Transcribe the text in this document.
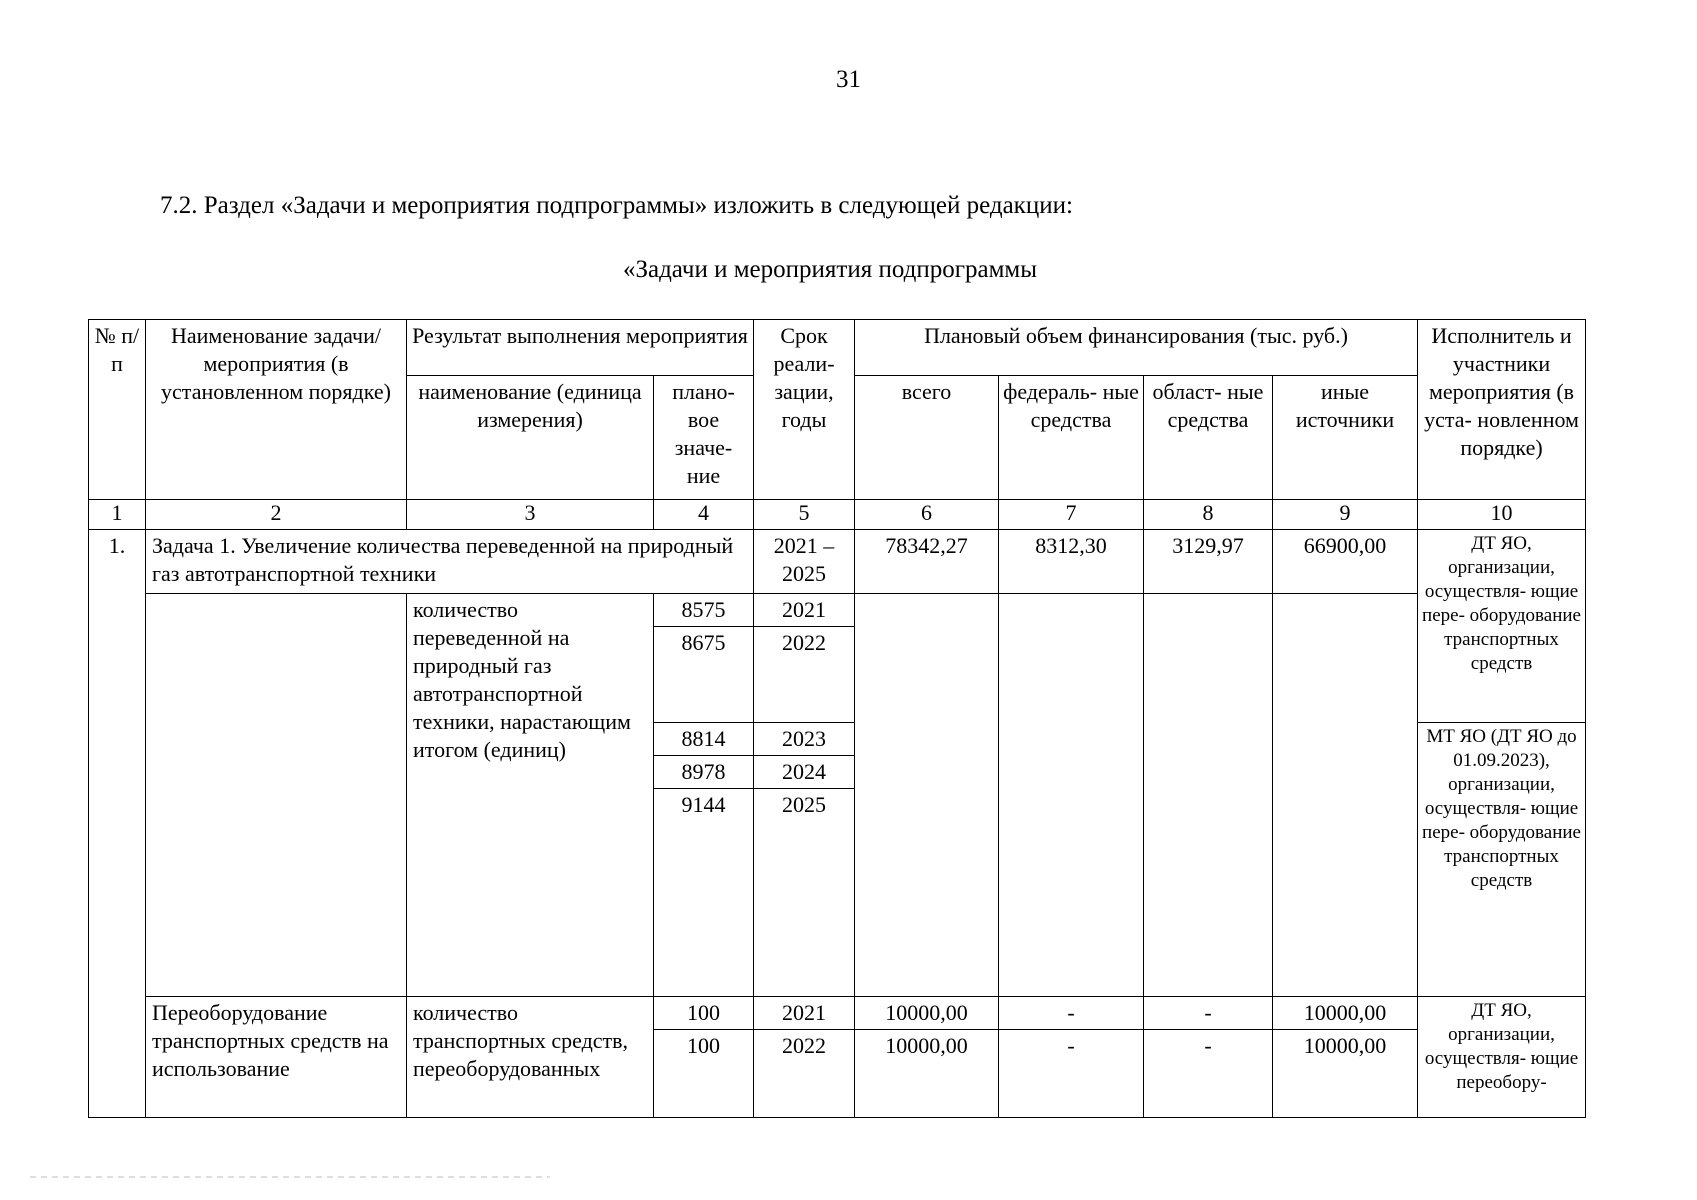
31
7.2. Раздел «Задачи и мероприятия подпрограммы» изложить в следующей редакции:
«Задачи и мероприятия подпрограммы
№ п/п	Наименование задачи/мероприятия (в установленном порядке)	Результат выполнения мероприятия		Срок реали- зации, годы	Плановый объем финансирования (тыс. руб.)				Исполнитель и участники мероприятия (в уста- новленном порядке)
		наименование (единица измерения)	плано- вое значе- ние		всего	федераль- ные средства	област- ные средства	иные источники	
1	2	3	4	5	6	7	8	9	10
1.	Задача 1. Увеличение количества переведенной на природный газ автотранспортной техники			2021 – 2025	78342,27	8312,30	3129,97	66900,00	ДТ ЯО, организации, осуществля- ющие пере- оборудование транспортных средств
		количество переведенной на природный газ автотранспортной техники, нарастающим итогом (единиц)	8575	2021					
			8675	2022					
			8814	2023					МТ ЯО (ДТ ЯО до 01.09.2023), организации, осуществля- ющие пере- оборудование транспортных средств
			8978	2024					
			9144	2025					

	Переоборудование транспортных средств на использование	количество транспортных средств, переоборудованных	100	2021	10000,00	-	-	10000,00	ДТ ЯО, организации, осуществля- ющие переобору-
			100	2022	10000,00	-	-	10000,00	
